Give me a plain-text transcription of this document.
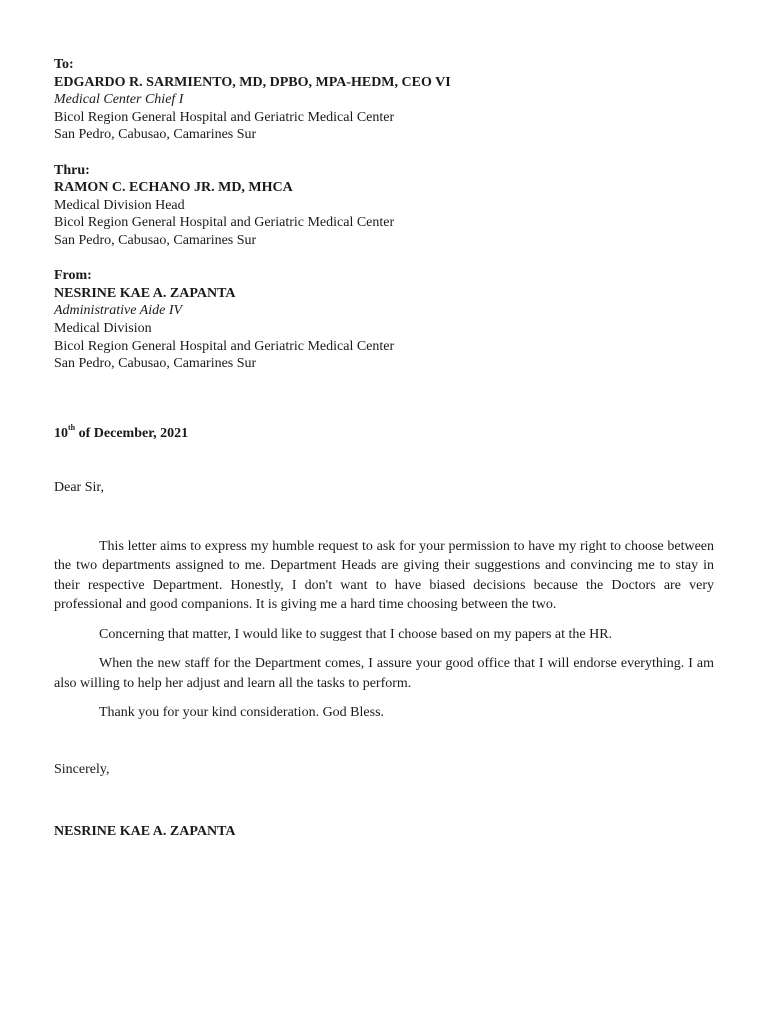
To:
EDGARDO R. SARMIENTO, MD, DPBO, MPA-HEDM, CEO VI
Medical Center Chief I
Bicol Region General Hospital and Geriatric Medical Center
San Pedro, Cabusao, Camarines Sur
Thru:
RAMON C. ECHANO JR. MD, MHCA
Medical Division Head
Bicol Region General Hospital and Geriatric Medical Center
San Pedro, Cabusao, Camarines Sur
From:
NESRINE KAE A. ZAPANTA
Administrative Aide IV
Medical Division
Bicol Region General Hospital and Geriatric Medical Center
San Pedro, Cabusao, Camarines Sur
10th of December, 2021
Dear Sir,

This letter aims to express my humble request to ask for your permission to have my right to choose between the two departments assigned to me. Department Heads are giving their suggestions and convincing me to stay in their respective Department. Honestly, I don't want to have biased decisions because the Doctors are very professional and good companions. It is giving me a hard time choosing between the two.

Concerning that matter, I would like to suggest that I choose based on my papers at the HR.

When the new staff for the Department comes, I assure your good office that I will endorse everything. I am also willing to help her adjust and learn all the tasks to perform.

Thank you for your kind consideration. God Bless.

Sincerely,
NESRINE KAE A. ZAPANTA
